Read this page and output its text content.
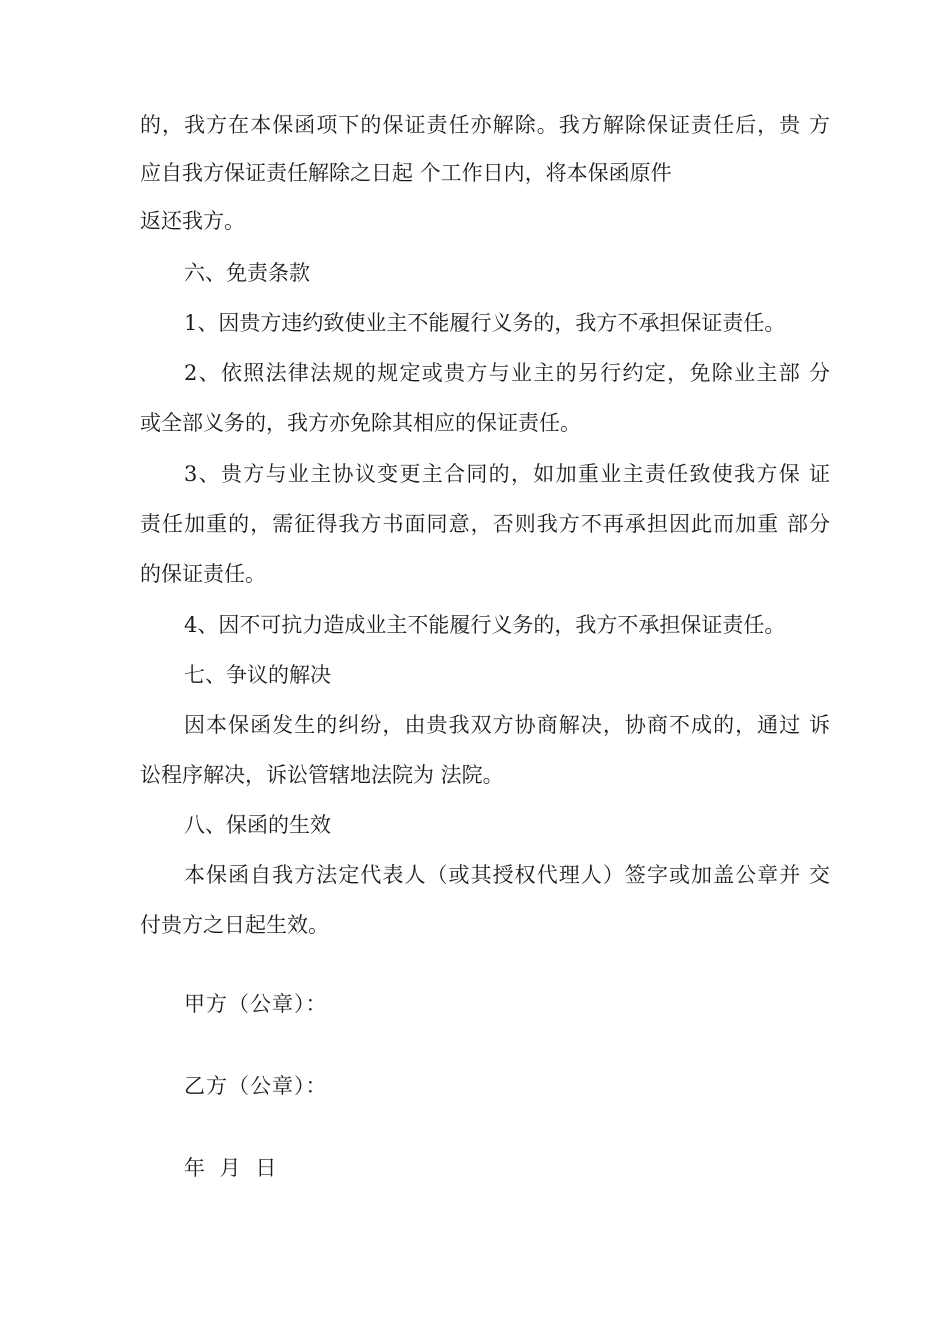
的，我方在本保函项下的保证责任亦解除。我方解除保证责任后，贵 方
应自我方保证责任解除之日起 个工作日内，将本保函原件
返还我方。
六、免责条款
1、因贵方违约致使业主不能履行义务的，我方不承担保证责任。
2、依照法律法规的规定或贵方与业主的另行约定，免除业主部 分
或全部义务的，我方亦免除其相应的保证责任。
3、贵方与业主协议变更主合同的，如加重业主责任致使我方保 证
责任加重的，需征得我方书面同意，否则我方不再承担因此而加重 部分
的保证责任。
4、因不可抗力造成业主不能履行义务的，我方不承担保证责任。
七、争议的解决
因本保函发生的纠纷，由贵我双方协商解决，协商不成的，通过 诉
讼程序解决，诉讼管辖地法院为 法院。
八、保函的生效
本保函自我方法定代表人（或其授权代理人）签字或加盖公章并 交
付贵方之日起生效。
甲方（公章）：
乙方（公章）：
年 月 日
